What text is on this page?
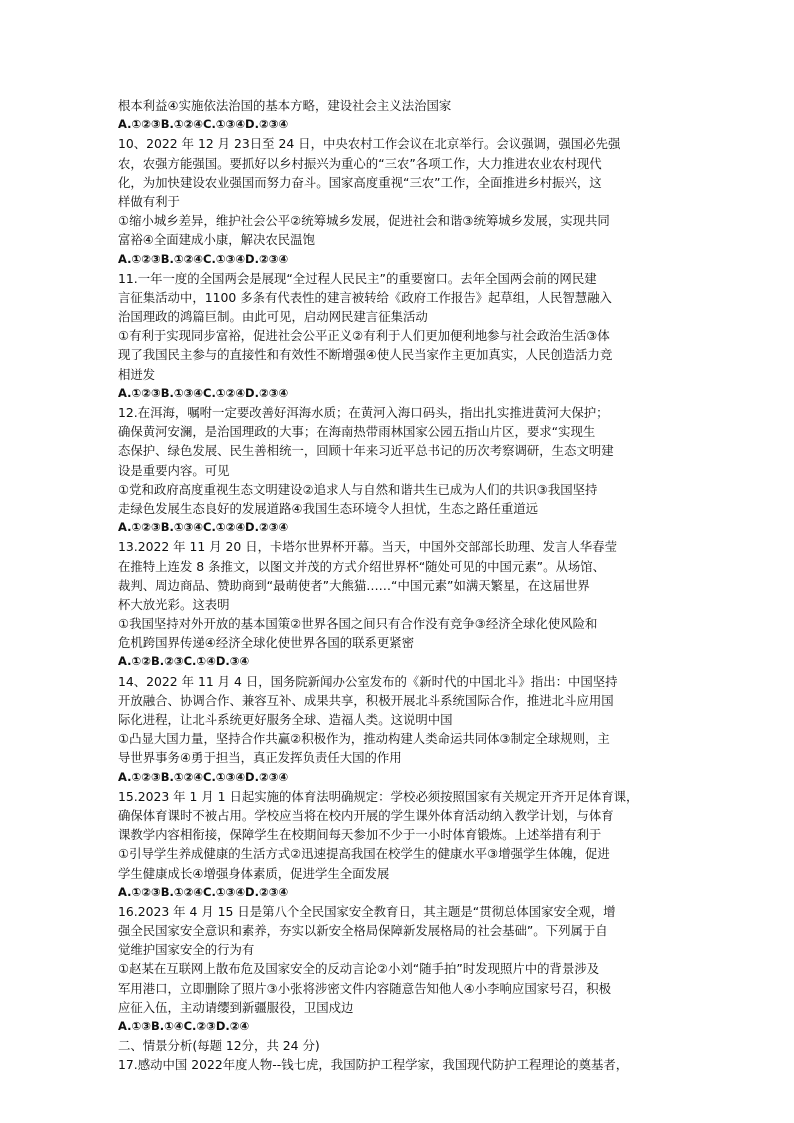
根本利益④实施依法治国的基本方略，建设社会主义法治国家
A.①②③B.①②④C.①③④D.②③④
10、2022 年 12 月 23日至 24 日，中央农村工作会议在北京举行。会议强调，强国必先强
农，农强方能强国。要抓好以乡村振兴为重心的“三农”各项工作，大力推进农业农村现代
化，为加快建设农业强国而努力奋斗。国家高度重视“三农”工作，全面推进乡村振兴，这
样做有利于
①缩小城乡差异，维护社会公平②统筹城乡发展，促进社会和谐③统筹城乡发展，实现共同
富裕④全面建成小康，解决农民温饱
A.①②③B.①②④C.①③④D.②③④
11.一年一度的全国两会是展现“全过程人民民主”的重要窗口。去年全国两会前的网民建
言征集活动中，1100 多条有代表性的建言被转给《政府工作报告》起草组，人民智慧融入
治国理政的鸿篇巨制。由此可见，启动网民建言征集活动
①有利于实现同步富裕，促进社会公平正义②有利于人们更加便利地参与社会政治生活③体
现了我国民主参与的直接性和有效性不断增强④使人民当家作主更加真实，人民创造活力竞
相迸发
A.①②③B.①③④C.①②④D.②③④
12.在洱海，嘱咐一定要改善好洱海水质；在黄河入海口码头，指出扎实推进黄河大保护；
确保黄河安澜，是治国理政的大事；在海南热带雨林国家公园五指山片区，要求“实现生
态保护、绿色发展、民生善相统一，回顾十年来习近平总书记的历次考察调研，生态文明建
设是重要内容。可见
①党和政府高度重视生态文明建设②追求人与自然和谐共生已成为人们的共识③我国坚持
走绿色发展生态良好的发展道路④我国生态环境令人担忧，生态之路任重道远
A.①②③B.①③④C.①②④D.②③④
13.2022 年 11 月 20 日，卡塔尔世界杯开幕。当天，中国外交部部长助理、发言人华春莹
在推特上连发 8 条推文，以图文并茂的方式介绍世界杯“随处可见的中国元素”。从场馆、
裁判、周边商品、赞助商到“最萌使者”大熊猫……“中国元素”如满天繁星，在这届世界
杯大放光彩。这表明
①我国坚持对外开放的基本国策②世界各国之间只有合作没有竞争③经济全球化使风险和
危机跨国界传递④经济全球化使世界各国的联系更紧密
A.①②B.②③C.①④D.③④
14、2022 年 11 月 4 日，国务院新闻办公室发布的《新时代的中国北斗》指出：中国坚持
开放融合、协调合作、兼容互补、成果共享，积极开展北斗系统国际合作，推进北斗应用国
际化进程，让北斗系统更好服务全球、造福人类。这说明中国
①凸显大国力量，坚持合作共赢②积极作为，推动构建人类命运共同体③制定全球规则，主
导世界事务④勇于担当，真正发挥负责任大国的作用
A.①②③B.①②④C.①③④D.②③④
15.2023 年 1 月 1 日起实施的体育法明确规定：学校必须按照国家有关规定开齐开足体育课，
确保体育课时不被占用。学校应当将在校内开展的学生课外体育活动纳入教学计划，与体育
课教学内容相衔接，保障学生在校期间每天参加不少于一小时体育锻炼。上述举措有利于
①引导学生养成健康的生活方式②迅速提高我国在校学生的健康水平③增强学生体魄，促进
学生健康成长④增强身体素质，促进学生全面发展
A.①②③B.①②④C.①③④D.②③④
16.2023 年 4 月 15 日是第八个全民国家安全教育日，其主题是“贯彻总体国家安全观，增
强全民国家安全意识和素养，夯实以新安全格局保障新发展格局的社会基础”。下列属于自
觉维护国家安全的行为有
①赵某在互联网上散布危及国家安全的反动言论②小刘“随手拍”时发现照片中的背景涉及
军用港口，立即删除了照片③小张将涉密文件内容随意告知他人④小李响应国家号召，积极
应征入伍，主动请缨到新疆服役，卫国戍边
A.①③B.①④C.②③D.②④
二、情景分析(每题 12分，共 24 分)
17.感动中国 2022年度人物--钱七虎，我国防护工程学家，我国现代防护工程理论的奠基者，
